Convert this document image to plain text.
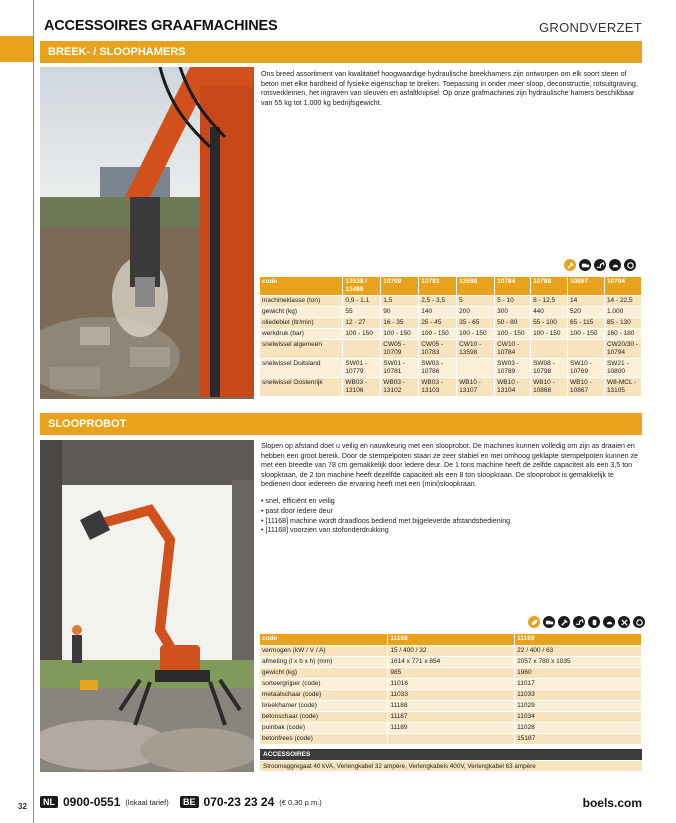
ACCESSOIRES GRAAFMACHINES	GRONDVERZET
BREEK- / SLOOPHAMERS
Ons breed assortiment van kwalitatief hoogwaardige hydraulische breekhamers zijn ontworpen om elk soort steen of beton met elke hardheid of fysieke eigenschap te breken. Toepassing in onder meer sloop, deconstructie, rotsuitgraving, rotsverkleinen, het ingraven van sleuven en asfaltknipsel. Op onze grafmachines zijn hydraulische hamers beschikbaar van 55 kg tot 1.000 kg bedrijfsgewicht.
code	13538 / 13489	10709	10783	13598	10784	10788	10867	10794
machineklasse (ton)	0,9 - 1,1	1,5	2,5 - 3,5	5	5 - 10	8 - 12,5	14	14 - 22,5
gewicht (kg)	55	90	140	200	300	440	520	1.000
oliedebiet (ltr/min)	12 - 27	16 - 35	25 - 45	35 - 65	50 - 80	55 - 100	65 - 115	85 - 130
werkdruk (bar)	100 - 150	100 - 150	100 - 150	100 - 150	100 - 150	100 - 150	100 - 150	160 - 180
snelwissel algemeen		CW05 - 10709	CW05 - 10783	CW10 - 13598	CW10 - 10784			CW20/30 - 10794
snelwissel Duitsland	SW01 - 10779	SW01 - 10781	SW03 - 10786		SW03 - 10789	SW08 - 10798	SW10 - 10769	SW21 - 10800
snelwissel Oostenrijk	WB03 - 13106	WB03 - 13102	WB03 - 13103	WB10 - 13107	WB10 - 13104	WB10 - 10868	WB10 - 10867	W8-MCL - 13105
SLOOPROBOT
Slopen op afstand doet u veilig en nauwkeurig met een slooprobot. De machines kunnen volledig om zijn as draaien en hebben een groot bereik. Door de stempelpoten staan ze zeer stabiel en met omhoog geklapte stempelpoten kunnen ze met een breedte van 78 cm gemakkelijk door iedere deur. De 1 tons machine heeft de zelfde capaciteit als een 3,5 ton sloopkraan, de 2 ton machine heeft dezelfde capaciteit als een 8 ton sloopkraan. De slooprobot is gemakkelijk te bedienen door iedereen die ervaring heeft met een (mini)sloopkraan.
• snel, efficiënt en veilig
• past door iedere deur
• [11168] machine wordt draadloos bediend met bijgeleverde afstandsbediening
• [11168] voorzien van stofonderdrukking
code	11168	11169
vermogen (kW / V / A)	15 / 400 / 32	22 / 400 / 63
afmeting (l x b x h) (mm)	1614 x 771 x 854	2057 x 780 x 1035
gewicht (kg)	985	1960
sorteergrijper (code)	11016	11017
metaalschaar (code)	11033	11033
breekhamer (code)	11188	11029
betonschaar (code)	11187	11034
puinbak (code)	11189	11028
betonfrees (code)		15187
ACCESSOIRES
Stroomaggregaat 40 kVA, Verlengkabel 32 ampère, Verlengkabels 400V, Verlengkabel 63 ampère
32	NL 0900-0551 (lokaal tarief)	BE 070-23 23 24 (€ 0,30 p.m.)	boels.com
